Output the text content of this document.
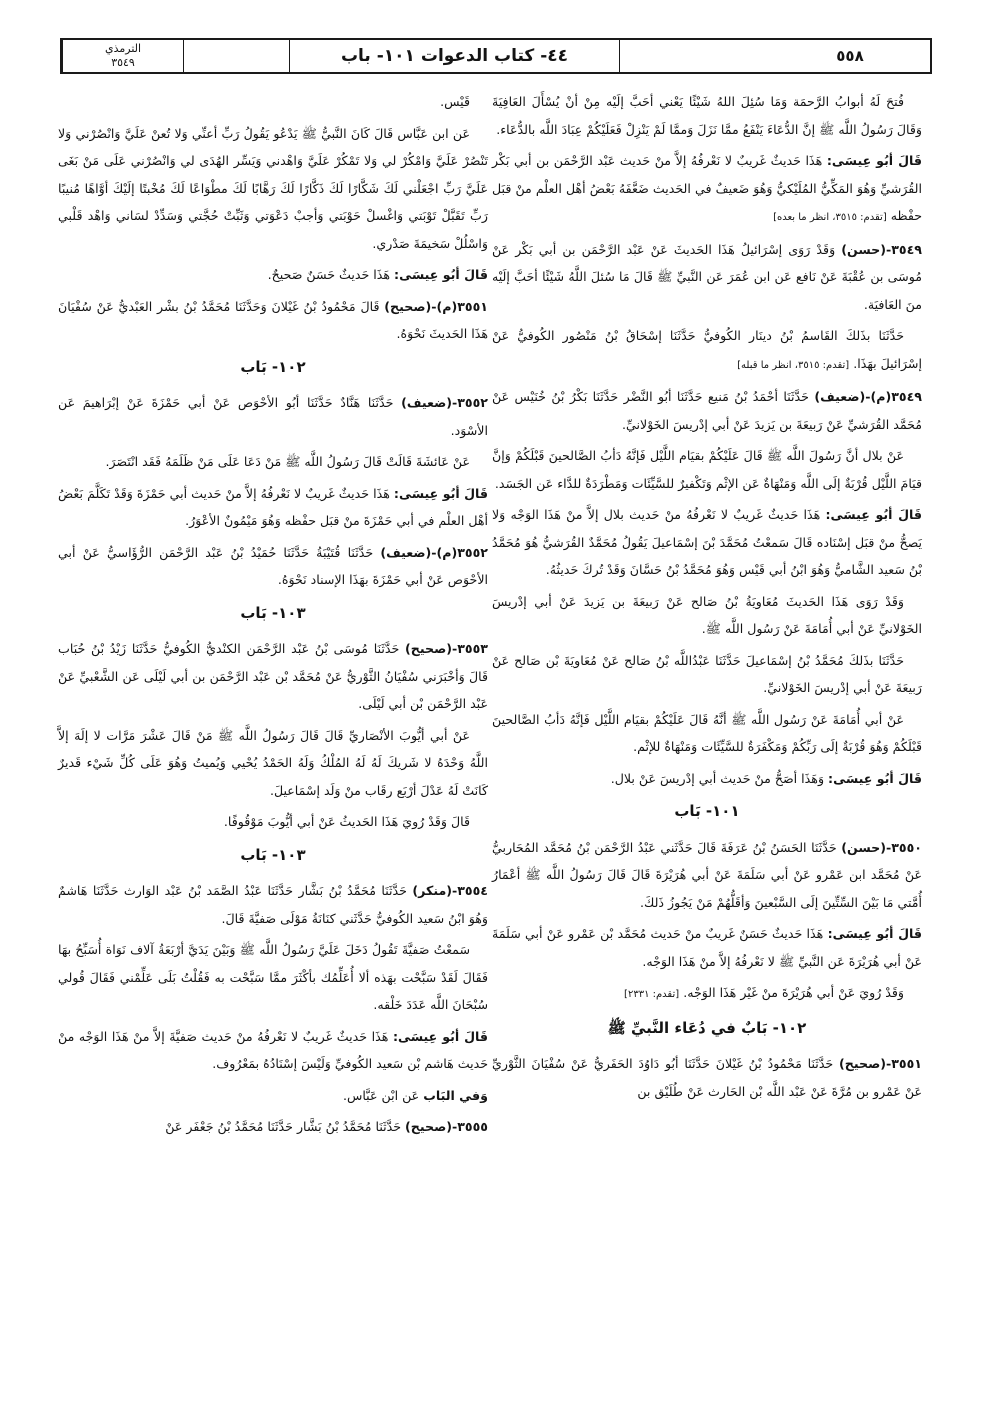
الترمذي
٣٥٤٩	٤٤- كتاب الدعوات ١٠١- باب	٥٥٨
فُتحَ لَهُ أبوابُ الرَّحمَة وَمَا سُئِلَ اللهُ شَيْئًا يَعْني أحَبَّ إلَيْه مِنْ أنْ يُسْأَلَ العَافِيَةَ وَقَالَ رَسُولُ اللَّه ﷺ إنَّ الدُّعَاءَ يَنْفَعُ ممَّا نَزَلَ وَممَّا لَمْ يَنْزِلْ فَعَلَيْكُمْ عِبَادَ اللَّه بالدُّعَاء.
قَالَ أبُو عِيسَى: هَذَا حَديثٌ غَريبٌ لا نَعْرفُهُ إلاَّ منْ حَديث عَبْد الرَّحْمَن بن أبي بَكْر القُرَشيِّ وَهُوَ المَكِّيُّ المُلَيْكيُّ وَهُوَ ضَعيفٌ في الحَديث ضَعَّفَهُ بَعْضُ أهْل العلْم منْ قبَل حفْظه [تقدم: ٣٥١٥، انظر ما بعده]
٣٥٤٩-(حسن) وَقَدْ رَوَى إسْرَائيلُ هَذَا الحَديثَ عَنْ عَبْد الرَّحْمَن بن أبي بَكْر عَنْ مُوسَى بن عُقْبَةَ عَنْ نَافع عَن ابن عُمَرَ عَن النَّبيِّ ﷺ قَالَ مَا سُئلَ اللَّهُ شَيْئًا أحَبَّ إلَيْه منَ العَافيَة.
حَدَّثَنَا بذَلكَ القَاسمُ بْنُ دينَار الكُوفيُّ حَدَّثَنَا إسْحَاقُ بْنُ مَنْصُور الكُوفيُّ عَنْ إسْرَائيلَ بهَذَا. [تقدم: ٣٥١٥، انظر ما قبله]
٣٥٤٩(م)-(ضعيف) حَدَّثَنَا أحْمَدُ بْنُ مَنيع حَدَّثَنَا أبُو النَّضْر حَدَّثَنَا بَكْرُ بْنُ خُنَيْس عَنْ مُحَمَّد القُرَشيِّ عَنْ رَبيعَةَ بن يَزيدَ عَنْ أبي إدْريسَ الخَوْلانيِّ.
عَنْ بلال أنَّ رَسُولَ اللَّه ﷺ قَالَ عَلَيْكُمْ بقيَام اللَّيْل فَإنَّهُ دَأبُ الصَّالحينَ قَبْلَكُمْ وَإنَّ قيَامَ اللَّيْل قُرْبَةٌ إلَى اللَّه وَمَنْهَاةٌ عَن الإثْم وَتَكْفيرٌ للسَّيِّئَات وَمَطْرَدَةٌ للدَّاء عَن الجَسَد.
قَالَ أبُو عِيسَى: هَذَا حَديثٌ غَريبٌ لا نَعْرفُهُ منْ حَديث بلال إلاَّ منْ هَذَا الوَجْه وَلا يَصحُّ منْ قبَل إسْنَاده قَالَ سَمعْتُ مُحَمَّدَ بْنَ إسْمَاعيلَ يَقُولُ مُحَمَّدٌ القُرَشيُّ هُوَ مُحَمَّدُ بْنُ سَعيد الشَّاميُّ وَهُوَ ابْنُ أبي قَيْس وَهُوَ مُحَمَّدُ بْنُ حَسَّانَ وَقَدْ تُركَ حَديثُهُ.
وَقَدْ رَوَى هَذَا الحَديثَ مُعَاويَةُ بْنُ صَالح عَنْ رَبيعَةَ بن يَزيدَ عَنْ أبي إدْريسَ الخَوْلانيِّ عَنْ أبي أُمَامَةَ عَنْ رَسُول اللَّه ﷺ.
حَدَّثَنَا بذَلكَ مُحَمَّدُ بْنُ إسْمَاعيلَ حَدَّثَنَا عَبْدُاللَّه بْنُ صَالح عَنْ مُعَاويَةَ بْن صَالح عَنْ رَبيعَةَ عَنْ أبي إدْريسَ الخَوْلانيِّ.
عَنْ أبي أُمَامَةَ عَنْ رَسُول اللَّه ﷺ أنَّهُ قَالَ عَلَيْكُمْ بقيَام اللَّيْل فَإنَّهُ دَأبُ الصَّالحينَ قَبْلَكُمْ وَهُوَ قُرْبَةٌ إلَى رَبِّكُمْ وَمَكْفَرَةٌ للسَّيِّئَات وَمَنْهَاةٌ للإثْم.
قَالَ أبُو عِيسَى: وَهَذَا أصَحُّ منْ حَديث أبي إدْريسَ عَنْ بلال.
١٠١- بَاب
٣٥٥٠-(حسن) حَدَّثَنَا الحَسَنُ بْنُ عَرَفَةَ قَالَ حَدَّثَني عَبْدُ الرَّحْمَن بْنُ مُحَمَّد المُحَاربيُّ عَنْ مُحَمَّد ابن عَمْرو عَنْ أبي سَلَمَةَ عَنْ أبي هُرَيْرَةَ قَالَ قَالَ رَسُولُ اللَّه ﷺ أعْمَارُ أُمَّتي مَا بَيْنَ السِّتِّينَ إلَى السَّبْعينَ وَأقَلُّهُمْ مَنْ يَجُوزُ ذَلكَ.
قَالَ أبُو عِيسَى: هَذَا حَديثٌ حَسَنٌ غَريبٌ منْ حَديث مُحَمَّد بْن عَمْرو عَنْ أبي سَلَمَةَ عَنْ أبي هُرَيْرَةَ عَن النَّبيِّ ﷺ لا نَعْرفُهُ إلاَّ منْ هَذَا الوَجْه.
وَقَدْ رُويَ عَنْ أبي هُرَيْرَةَ منْ غَيْر هَذَا الوَجْه. [تقدم: ٢٣٣١]
١٠٢- بَابٌ في دُعَاء النَّبيِّ ﷺ
٣٥٥١-(صحيح) حَدَّثَنَا مَحْمُودُ بْنُ غَيْلانَ حَدَّثَنَا أبُو دَاوُدَ الحَفَريُّ عَنْ سُفْيَانَ الثَّوْريِّ عَنْ عَمْرو بن مُرَّةَ عَنْ عَبْد اللَّه بْن الحَارث عَنْ طُلَيْق بن
قَيْس.
عَن ابن عَبَّاس قَالَ كَانَ النَّبيُّ ﷺ يَدْعُو يَقُولُ رَبِّ أعنِّي وَلا تُعنْ عَلَيَّ وَانْصُرْني وَلا تَنْصُرْ عَلَيَّ وَامْكُرْ لي وَلا تَمْكُرْ عَلَيَّ وَاهْدني وَيَسِّر الهُدَى لي وَانْصُرْني عَلَى مَنْ بَغَى عَلَيَّ رَبِّ اجْعَلْني لَكَ شَكَّارًا لَكَ ذَكَّارًا لَكَ رَهَّابًا لَكَ مطْوَاعًا لَكَ مُخْبتًا إلَيْكَ أوَّاهًا مُنيبًا رَبِّ تَقَبَّلْ تَوْبَتي وَاغْسلْ حَوْبَتي وَأجبْ دَعْوَتي وَثَبِّتْ حُجَّتي وَسَدِّدْ لسَاني وَاهْد قَلْبي وَاسْلُلْ سَخيمَةَ صَدْري.
قَالَ أبُو عِيسَى: هَذَا حَديثٌ حَسَنٌ صَحيحٌ.
٣٥٥١(م)-(صحيح) قَالَ مَحْمُودُ بْنُ غَيْلانَ وَحَدَّثَنَا مُحَمَّدُ بْنُ بشْر العَبْديُّ عَنْ سُفْيَانَ هَذَا الحَديثَ نَحْوَهُ.
١٠٢- بَاب
٣٥٥٢-(ضعيف) حَدَّثَنَا هَنَّادٌ حَدَّثَنَا أبُو الأحْوَص عَنْ أبي حَمْزَةَ عَنْ إبْرَاهيمَ عَن الأسْوَد.
عَنْ عَائشَةَ قَالَتْ قَالَ رَسُولُ اللَّه ﷺ مَنْ دَعَا عَلَى مَنْ ظَلَمَهُ فَقَد انْتَصَرَ.
قَالَ أبُو عِيسَى: هَذَا حَديثٌ غَريبٌ لا نَعْرفُهُ إلاَّ منْ حَديث أبي حَمْزَةَ وَقَدْ تَكَلَّمَ بَعْضُ أهْل العلْم في أبي حَمْزَةَ منْ قبَل حفْظه وَهُوَ مَيْمُونٌ الأعْوَرُ.
٣٥٥٢(م)-(ضعيف) حَدَّثَنَا قُتَيْبَةُ حَدَّثَنَا حُمَيْدُ بْنُ عَبْد الرَّحْمَن الرُّؤَاسيُّ عَنْ أبي الأحْوَص عَنْ أبي حَمْزَةَ بهَذَا الإسناد نَحْوَهُ.
١٠٣- بَاب
٣٥٥٣-(صحيح) حَدَّثَنَا مُوسَى بْنُ عَبْد الرَّحْمَن الكنْديُّ الكُوفيُّ حَدَّثَنَا زَيْدُ بْنُ حُبَاب قَالَ وَأخْبَرَني سُفْيَانُ الثَّوْريُّ عَنْ مُحَمَّد بْن عَبْد الرَّحْمَن بن أبي لَيْلَى عَن الشَّعْبيِّ عَنْ عَبْد الرَّحْمَن بْن أبي لَيْلَى.
عَنْ أبي أيُّوبَ الأنْصَاريِّ قَالَ قَالَ رَسُولُ اللَّه ﷺ مَنْ قَالَ عَشْرَ مَرَّات لا إلَهَ إلاَّ اللَّهُ وَحْدَهُ لا شَريكَ لَهُ لَهُ المُلْكُ وَلَهُ الحَمْدُ يُحْيي وَيُميتُ وَهُوَ عَلَى كُلِّ شَيْء قَديرٌ كَانَتْ لَهُ عَدْلَ أرْبَع رقَاب منْ وَلَد إسْمَاعيلَ.
قَالَ وَقَدْ رُويَ هَذَا الحَديثُ عَنْ أبي أيُّوبَ مَوْقُوفًا.
١٠٣- بَاب
٣٥٥٤-(منكر) حَدَّثَنَا مُحَمَّدُ بْنُ بَشَّار حَدَّثَنَا عَبْدُ الصَّمَد بْنُ عَبْد الوَارث حَدَّثَنَا هَاشمٌ وَهُوَ ابْنُ سَعيد الكُوفيُّ حَدَّثَني كنَانَةُ مَوْلَى صَفيَّةَ قَالَ.
سَمعْتُ صَفيَّةَ تَقُولُ دَخَلَ عَلَيَّ رَسُولُ اللَّه ﷺ وَبَيْنَ يَدَيَّ أرْبَعَةُ آلاف نَوَاة أُسَبِّحُ بهَا فَقَالَ لَقَدْ سَبَّحْت بهَذه ألا أُعَلِّمُك بأكْثَرَ ممَّا سَبَّحْت به فَقُلْتُ بَلَى عَلِّمْني فَقَالَ قُولي سُبْحَانَ اللَّه عَدَدَ خَلْقه.
قَالَ أبُو عِيسَى: هَذَا حَديثٌ غَريبٌ لا نَعْرفُهُ منْ حَديث صَفيَّةَ إلاَّ منْ هَذَا الوَجْه منْ حَديث هَاشم بْن سَعيد الكُوفيِّ وَلَيْسَ إسْنَادُهُ بمَعْرُوف.
وَفي البَاب عَن ابْن عَبَّاس.
٣٥٥٥-(صحيح) حَدَّثَنَا مُحَمَّدُ بْنُ بَشَّار حَدَّثَنَا مُحَمَّدُ بْنُ جَعْفَر عَنْ
